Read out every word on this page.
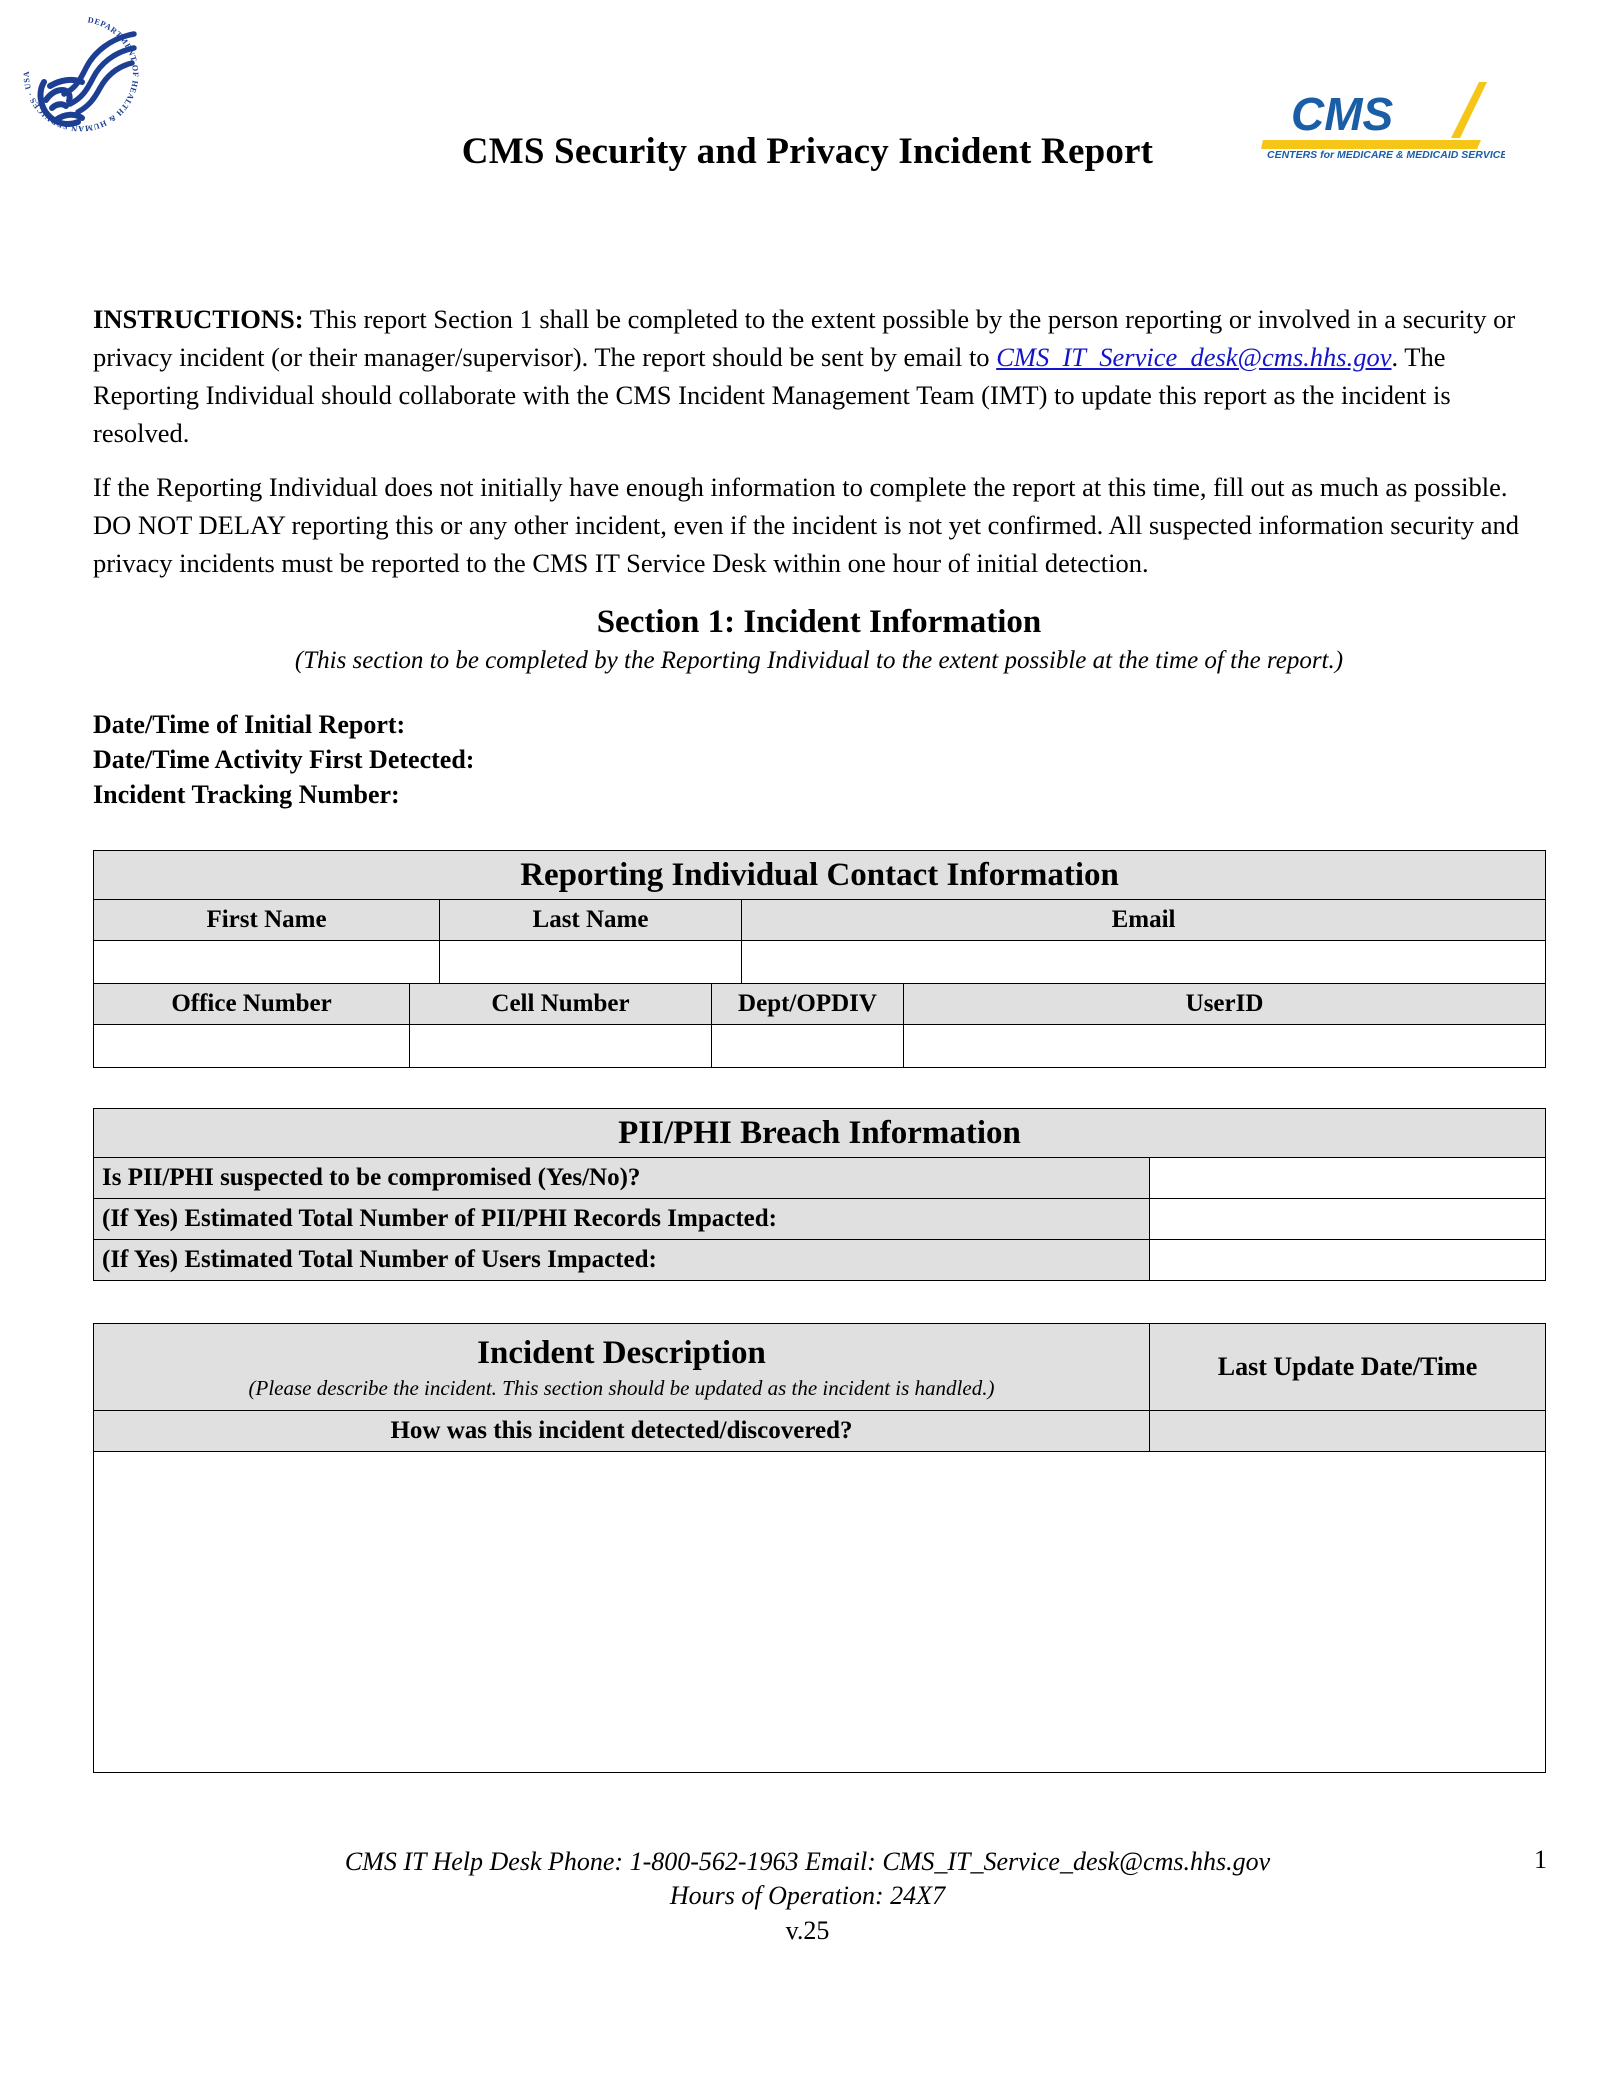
DEPARTMENT OF HEALTH & HUMAN SERVICES · USA
CMS
CENTERS for MEDICARE & MEDICAID SERVICES
CMS Security and Privacy Incident Report

INSTRUCTIONS: This report Section 1 shall be completed to the extent possible by the person reporting or involved in a security or privacy incident (or their manager/supervisor). The report should be sent by email to CMS_IT_Service_desk@cms.hhs.gov. The Reporting Individual should collaborate with the CMS Incident Management Team (IMT) to update this report as the incident is resolved.

If the Reporting Individual does not initially have enough information to complete the report at this time, fill out as much as possible. DO NOT DELAY reporting this or any other incident, even if the incident is not yet confirmed. All suspected information security and privacy incidents must be reported to the CMS IT Service Desk within one hour of initial detection.

Section 1: Incident Information
(This section to be completed by the Reporting Individual to the extent possible at the time of the report.)
Date/Time of Initial Report:
Date/Time Activity First Detected:
Incident Tracking Number:
Reporting Individual Contact Information					
First Name		Last Name		Email	

Office Number	Cell Number		Dept/OPDIV		UserID

PII/PHI Breach Information	
Is PII/PHI suspected to be compromised (Yes/No)?	
(If Yes) Estimated Total Number of PII/PHI Records Impacted:	
(If Yes) Estimated Total Number of Users Impacted:	
Incident Description
(Please describe the incident. This section should be updated as the incident is handled.)	Last Update Date/Time
How was this incident detected/discovered?	

CMS IT Help Desk Phone: 1-800-562-1963 Email: CMS_IT_Service_desk@cms.hhs.gov
Hours of Operation: 24X7
v.25
1
